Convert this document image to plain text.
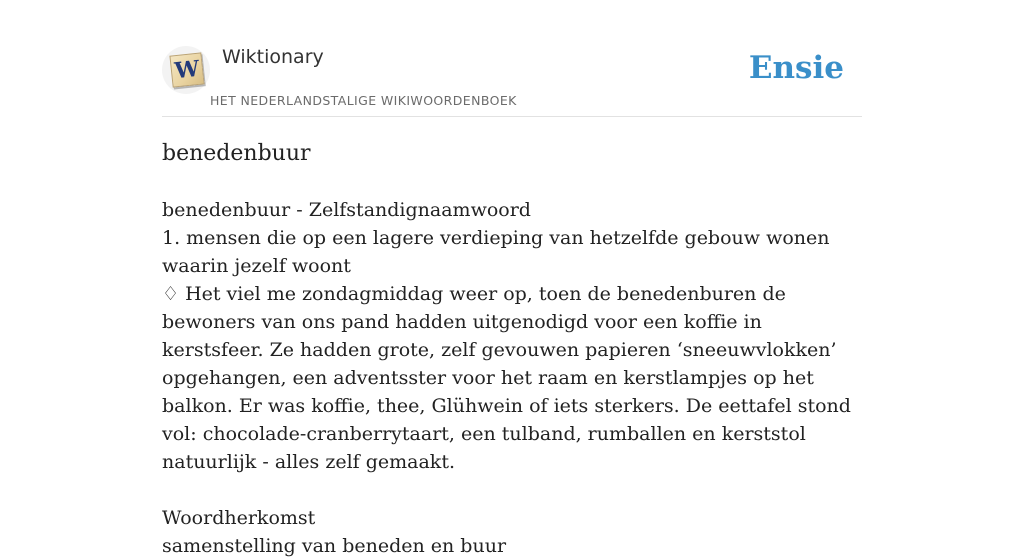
W Wiktionary
HET NEDERLANDSTALIGE WIKIWOORDENBOEK
Ensie
benedenbuur

benedenbuur - Zelfstandignaamwoord

1. mensen die op een lagere verdieping van hetzelfde gebouw wonen waarin jezelf woont

♢ Het viel me zondagmiddag weer op, toen de benedenburen de bewoners van ons pand hadden uitgenodigd voor een koffie in kerstsfeer. Ze hadden grote, zelf gevouwen papieren ‘sneeuwvlokken’ opgehangen, een adventsster voor het raam en kerstlampjes op het balkon. Er was koffie, thee, Glühwein of iets sterkers. De eettafel stond vol: chocolade-cranberrytaart, een tulband, rumballen en kerststol natuurlijk - alles zelf gemaakt.

Woordherkomst

samenstelling van beneden en buur
